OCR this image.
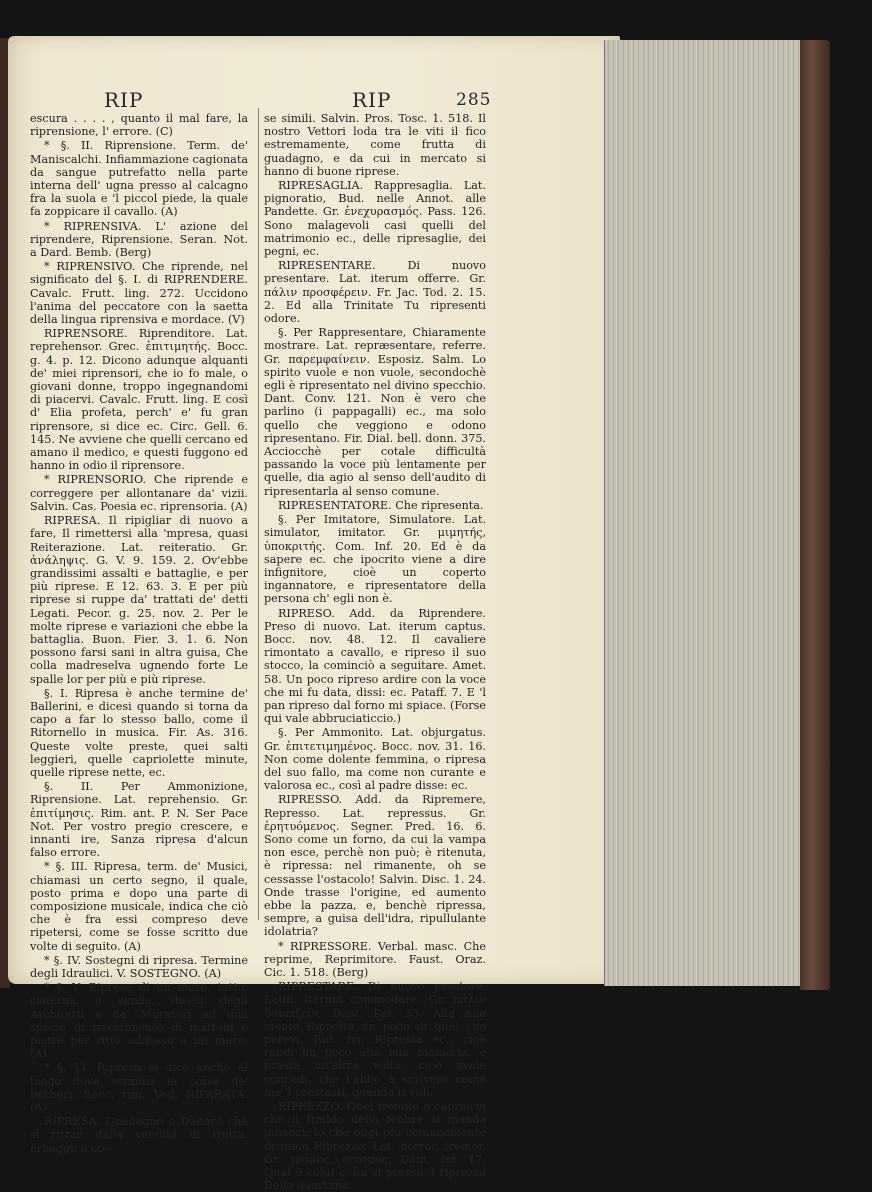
RIP	RIP	285

escura . . . . , quanto il mal fare, la riprensione, l' errore. (C)

* §. II. Riprensione. Term. de' Maniscalchi. Infiammazione cagionata da sangue putrefatto nella parte interna dell' ugna presso al calcagno fra la suola e 'l piccol piede, la quale fa zoppicare il cavallo. (A)

* RIPRENSIVA. L' azione del riprendere, Riprensione. Seran. Not. a Dard. Bemb. (Berg)

* RIPRENSIVO. Che riprende, nel significato del §. I. di RIPRENDERE. Cavalc. Frutt. ling. 272. Uccidono l'anima del peccatore con la saetta della lingua riprensiva e mordace. (V)

RIPRENSORE. Riprenditore. Lat. reprehensor. Grec. ἐπιτιμητής. Bocc. g. 4. p. 12. Dicono adunque alquanti de' miei riprensori, che io fo male, o giovani donne, troppo ingegnandomi di piacervi. Cavalc. Frutt. ling. E così d' Elia profeta, perch' e' fu gran riprensore, si dice ec. Circ. Gell. 6. 145. Ne avviene che quelli cercano ed amano il medico, e questi fuggono ed hanno in odio il riprensore.

* RIPRENSORIO. Che riprende e correggere per allontanare da' vizii. Salvin. Cas. Poesia ec. riprensoria. (A)

RIPRESA. Il ripigliar di nuovo a fare, Il rimettersi alla 'mpresa, quasi Reiterazione. Lat. reiteratio. Gr. ἀνάληψις. G. V. 9. 159. 2. Ov'ebbe grandissimi assalti e battaglie, e per più riprese. E 12. 63. 3. E per più riprese si ruppe da' trattati de' detti Legati. Pecor. g. 25. nov. 2. Per le molte riprese e variazioni che ebbe la battaglia. Buon. Fier. 3. 1. 6. Non possono farsi sani in altra guisa, Che colla madreselva ugnendo forte Le spalle lor per più e più riprese.

§. I. Ripresa è anche termine de' Ballerini, e dicesi quando si torna da capo a far lo stesso ballo, come il Ritornello in musica. Fir. As. 316. Queste volte preste, quei salti leggieri, quelle capriolette minute, quelle riprese nette, ec.

§. II. Per Ammonizione, Riprensione. Lat. reprehensio. Gr. ἐπιτίμησις. Rim. ant. P. N. Ser Pace Not. Per vostro pregio crescere, e innanti ire, Sanza ripresa d'alcun falso errore.

* §. III. Ripresa, term. de' Musici, chiamasi un certo segno, il quale, posto prima e dopo una parte di composizione musicale, indica che ciò che è fra essi compreso deve ripetersi, come se fosse scritto due volte di seguito. (A)

* §. IV. Sostegni di ripresa. Termine degli Idraulici. V. SOSTEGNO. (A)

* §. V. Ripresa di un muro, tetto, cisterna, o simile, dicesi dagli Architetti e da' Muratori ad una specie di rivestimento di mattoni o pietre per ritto addosso a un muro. (A)

* §. VI. Ripresa si dice anche al luogo dove termina la corsa de' barberi. Sacc. rim. Ved. RIPARATA. (A)

RIPRESA. Guadagno o Danaro che si ritrae dalla vendita di frutta, erbaggi, o co-

se simili. Salvin. Pros. Tosc. 1. 518. Il nostro Vettori loda tra le viti il fico estremamente, come frutta di guadagno, e da cui in mercato si hanno di buone riprese.

RIPRESAGLIA. Rappresaglia. Lat. pignoratio, Bud. nelle Annot. alle Pandette. Gr. ἐνεχυρασμός. Pass. 126. Sono malagevoli casi quelli del matrimonio ec., delle ripresaglie, dei pegni, ec.

RIPRESENTARE. Di nuovo presentare. Lat. iterum offerre. Gr. πάλιν προσφέρειν. Fr. Jac. Tod. 2. 15. 2. Ed alla Trinitate Tu ripresenti odore.

§. Per Rappresentare, Chiaramente mostrare. Lat. repræsentare, referre. Gr. παρεμφαίνειν. Esposiz. Salm. Lo spirito vuole e non vuole, secondochè egli è ripresentato nel divino specchio. Dant. Conv. 121. Non è vero che parlino (i pappagalli) ec., ma solo quello che veggiono e odono ripresentano. Fir. Dial. bell. donn. 375. Acciocchè per cotale difficultà passando la voce più lentamente per quelle, dia agio al senso dell'audito di ripresentarla al senso comune.

RIPRESENTATORE. Che ripresenta.

§. Per Imitatore, Simulatore. Lat. simulator, imitator. Gr. μιμητής, ὑποκριτής. Com. Inf. 20. Ed è da sapere ec. che ipocrito viene a dire infignitore, cioè un coperto ingannatore, e ripresentatore della persona ch' egli non è.

RIPRESO. Add. da Riprendere. Preso di nuovo. Lat. iterum captus. Bocc. nov. 48. 12. Il cavaliere rimontato a cavallo, e ripreso il suo stocco, la cominciò a seguitare. Amet. 58. Un poco ripreso ardire con la voce che mi fu data, dissi: ec. Pataff. 7. E 'l pan ripreso dal forno mi spiace. (Forse qui vale abbruciaticcio.)

§. Per Ammonito. Lat. objurgatus. Gr. ἐπιτετιμημένος. Bocc. nov. 31. 16. Non come dolente femmina, o ripresa del suo fallo, ma come non curante e valorosa ec., così al padre disse: ec.

RIPRESSO. Add. da Ripremere, Represso. Lat. repressus. Gr. ἐρητυόμενος. Segner. Pred. 16. 6. Sono come un forno, da cui la vampa non esce, perchè non può; è ritenuta, è ripressa: nel rimanente, oh se cessasse l'ostacolo! Salvin. Disc. 1. 24. Onde trasse l'origine, ed aumento ebbe la pazza, e, benchè ripressa, sempre, a guisa dell'idra, ripullulante idolatria?

* RIPRESSORE. Verbal. masc. Che reprime, Reprimitore. Faust. Oraz. Cic. 1. 518. (Berg)

RIPRESTARE. Di nuovo prestare. Latin. iterum commodare. Gr. πάλιν δανείζειν. Dant. Par. 33. Alla mia mente Ripresta un poco di quel che parevi. But. ivi: Ripresta ec., cioè rendi un poco alla mia memoria, e presta un'altra volta, cioè avale concedi, che l'abbo a scrivere come me 'l prestasti, quando ti vidi.

RIPREZZO. Quel tremito e capriccio che il freddo della febbre si manda innanzi; lo che oggi più comunemente diciamo Ribrezzo. Lat. horror, tremor. Gr. τρόμος, σεισμός. Dant. Inf. 17. Qual è colui c' ha sì presso 'l riprezzo Della quartana.
